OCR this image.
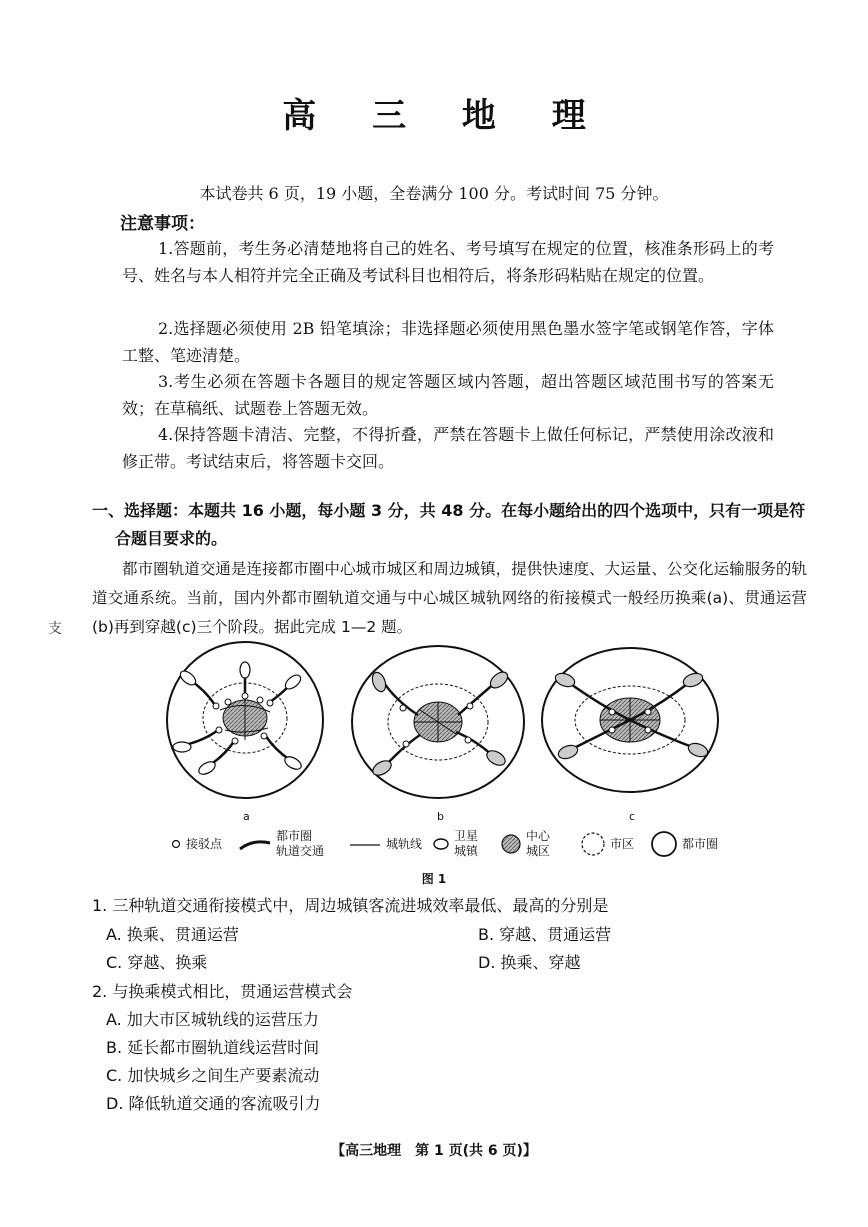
高 三 地 理
本试卷共 6 页，19 小题，全卷满分 100 分。考试时间 75 分钟。
注意事项：
1.答题前，考生务必清楚地将自己的姓名、考号填写在规定的位置，核准条形码上的考号、姓名与本人相符并完全正确及考试科目也相符后，将条形码粘贴在规定的位置。
2.选择题必须使用 2B 铅笔填涂；非选择题必须使用黑色墨水签字笔或钢笔作答，字体工整、笔迹清楚。
3.考生必须在答题卡各题目的规定答题区域内答题，超出答题区域范围书写的答案无效；在草稿纸、试题卷上答题无效。
4.保持答题卡清洁、完整，不得折叠，严禁在答题卡上做任何标记，严禁使用涂改液和修正带。考试结束后，将答题卡交回。
一、选择题：本题共 16 小题，每小题 3 分，共 48 分。在每小题给出的四个选项中，只有一项是符
合题目要求的。
都市圈轨道交通是连接都市圈中心城市城区和周边城镇，提供快速度、大运量、公交化运输服务的轨道交通系统。当前，国内外都市圈轨道交通与中心城区城轨网络的衔接模式一般经历换乘(a)、贯通运营(b)再到穿越(c)三个阶段。据此完成 1—2 题。
支
a	b	c
接驳点
都市圈
轨道交通
城轨线
卫星
城镇
中心
城区
市区	都市圈
图 1
1. 三种轨道交通衔接模式中，周边城镇客流进城效率最低、最高的分别是
A. 换乘、贯通运营	B. 穿越、贯通运营
C. 穿越、换乘	D. 换乘、穿越
2. 与换乘模式相比，贯通运营模式会
A. 加大市区城轨线的运营压力
B. 延长都市圈轨道线运营时间
C. 加快城乡之间生产要素流动
D. 降低轨道交通的客流吸引力
【高三地理　第 1 页(共 6 页)】
